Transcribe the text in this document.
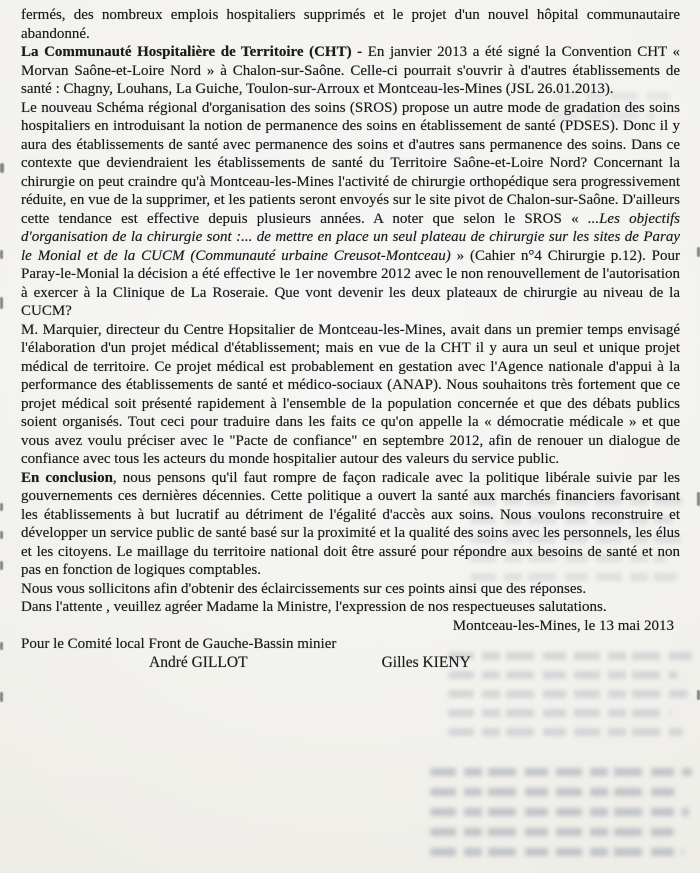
fermés, des nombreux emplois hospitaliers supprimés et le projet d'un nouvel hôpital communautaire abandonné.

La Communauté Hospitalière de Territoire (CHT) - En janvier 2013 a été signé la Convention CHT « Morvan Saône-et-Loire Nord » à Chalon-sur-Saône. Celle-ci pourrait s'ouvrir à d'autres établissements de santé : Chagny, Louhans, La Guiche, Toulon-sur-Arroux et Montceau-les-Mines (JSL 26.01.2013).

Le nouveau Schéma régional d'organisation des soins (SROS) propose un autre mode de gradation des soins hospitaliers en introduisant la notion de permanence des soins en établissement de santé (PDSES). Donc il y aura des établissements de santé avec permanence des soins et d'autres sans permanence des soins. Dans ce contexte que deviendraient les établissements de santé du Territoire Saône-et-Loire Nord? Concernant la chirurgie on peut craindre qu'à Montceau-les-Mines l'activité de chirurgie orthopédique sera progressivement réduite, en vue de la supprimer, et les patients seront envoyés sur le site pivot de Chalon-sur-Saône. D'ailleurs cette tendance est effective depuis plusieurs années. A noter que selon le SROS « ...Les objectifs d'organisation de la chirurgie sont :... de mettre en place un seul plateau de chirurgie sur les sites de Paray le Monial et de la CUCM (Communauté urbaine Creusot-Montceau) » (Cahier n°4 Chirurgie p.12). Pour Paray-le-Monial la décision a été effective le 1er novembre 2012 avec le non renouvellement de l'autorisation à exercer à la Clinique de La Roseraie. Que vont devenir les deux plateaux de chirurgie au niveau de la CUCM?

M. Marquier, directeur du Centre Hopsitalier de Montceau-les-Mines, avait dans un premier temps envisagé l'élaboration d'un projet médical d'établissement; mais en vue de la CHT il y aura un seul et unique projet médical de territoire. Ce projet médical est probablement en gestation avec l'Agence nationale d'appui à la performance des établissements de santé et médico-sociaux (ANAP). Nous souhaitons très fortement que ce projet médical soit présenté rapidement à l'ensemble de la population concernée et que des débats publics soient organisés. Tout ceci pour traduire dans les faits ce qu'on appelle la « démocratie médicale » et que vous avez voulu préciser avec le "Pacte de confiance" en septembre 2012, afin de renouer un dialogue de confiance avec tous les acteurs du monde hospitalier autour des valeurs du service public.

En conclusion, nous pensons qu'il faut rompre de façon radicale avec la politique libérale suivie par les gouvernements ces dernières décennies. Cette politique a ouvert la santé aux marchés financiers favorisant les établissements à but lucratif au détriment de l'égalité d'accès aux soins. Nous voulons reconstruire et développer un service public de santé basé sur la proximité et la qualité des soins avec les personnels, les élus et les citoyens. Le maillage du territoire national doit être assuré pour répondre aux besoins de santé et non pas en fonction de logiques comptables.

Nous vous sollicitons afin d'obtenir des éclaircissements sur ces points ainsi que des réponses.

Dans l'attente , veuillez agréer Madame la Ministre, l'expression de nos respectueuses salutations.

Montceau-les-Mines, le 13 mai 2013

Pour le Comité local Front de Gauche-Bassin minier

André GILLOT	Gilles KIENY
